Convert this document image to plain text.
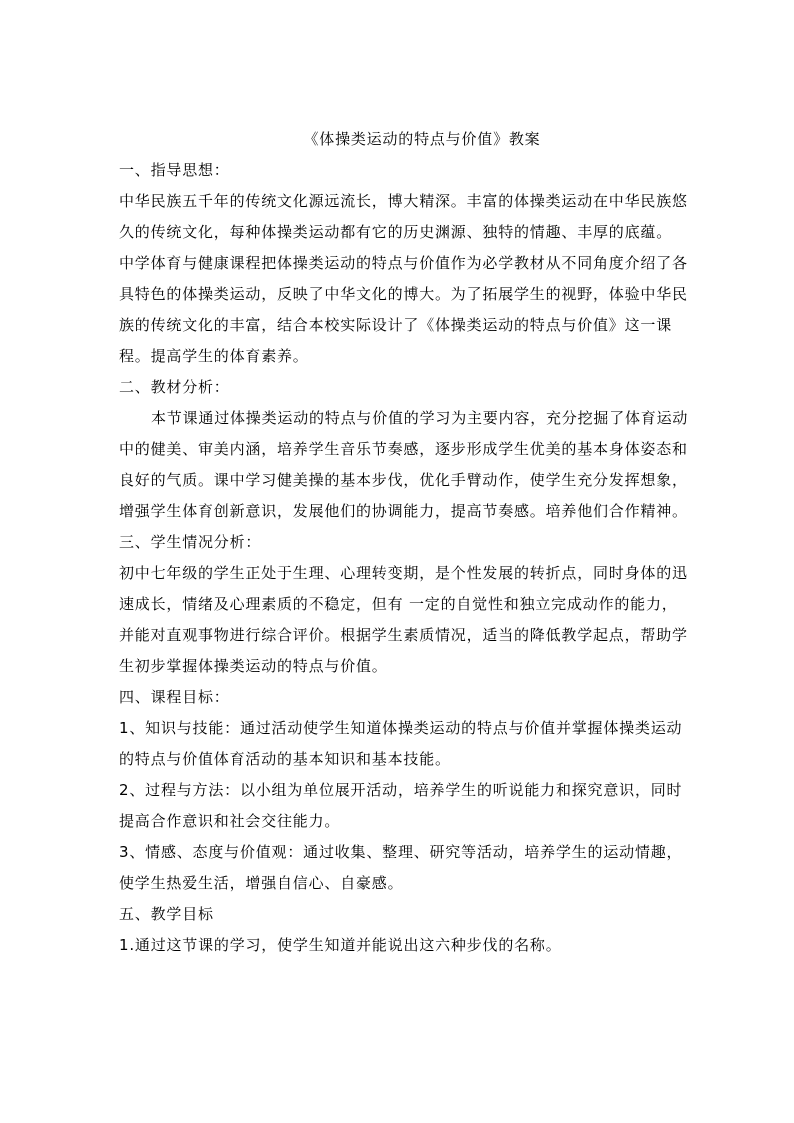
《体操类运动的特点与价值》教案

一、指导思想：

中华民族五千年的传统文化源远流长，博大精深。丰富的体操类运动在中华民族悠久的传统文化，每种体操类运动都有它的历史渊源、独特的情趣、丰厚的底蕴。

中学体育与健康课程把体操类运动的特点与价值作为必学教材从不同角度介绍了各具特色的体操类运动，反映了中华文化的博大。为了拓展学生的视野，体验中华民族的传统文化的丰富，结合本校实际设计了《体操类运动的特点与价值》这一课程。提高学生的体育素养。

二、教材分析：

本节课通过体操类运动的特点与价值的学习为主要内容，充分挖掘了体育运动中的健美、审美内涵，培养学生音乐节奏感，逐步形成学生优美的基本身体姿态和良好的气质。课中学习健美操的基本步伐，优化手臂动作，使学生充分发挥想象，增强学生体育创新意识，发展他们的协调能力，提高节奏感。培养他们合作精神。

三、学生情况分析：

初中七年级的学生正处于生理、心理转变期，是个性发展的转折点，同时身体的迅速成长，情绪及心理素质的不稳定，但有 一定的自觉性和独立完成动作的能力，并能对直观事物进行综合评价。根据学生素质情况，适当的降低教学起点，帮助学生初步掌握体操类运动的特点与价值。

四、课程目标：

1、知识与技能：通过活动使学生知道体操类运动的特点与价值并掌握体操类运动的特点与价值体育活动的基本知识和基本技能。

2、过程与方法：以小组为单位展开活动，培养学生的听说能力和探究意识，同时提高合作意识和社会交往能力。

3、情感、态度与价值观：通过收集、整理、研究等活动，培养学生的运动情趣，使学生热爱生活，增强自信心、自豪感。

五、教学目标

1.通过这节课的学习，使学生知道并能说出这六种步伐的名称。
